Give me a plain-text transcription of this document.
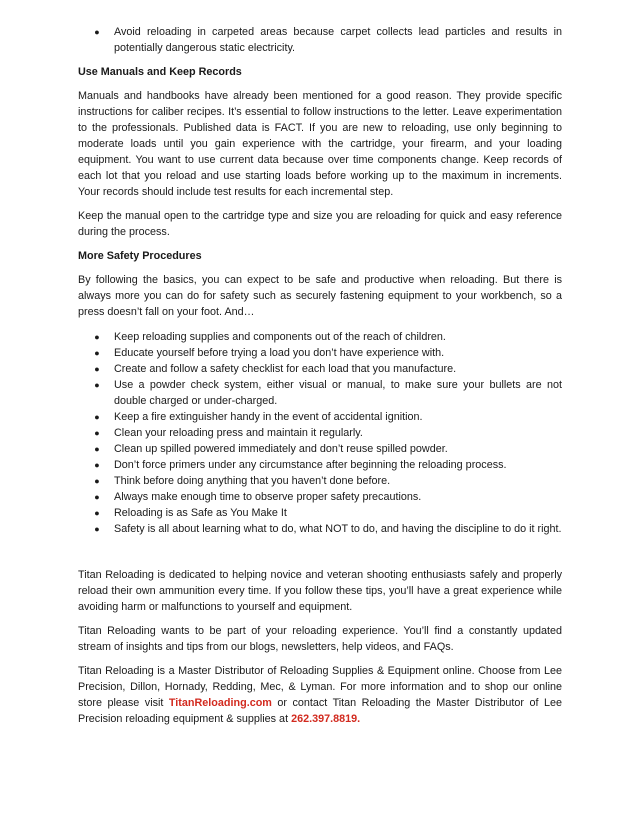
● Avoid reloading in carpeted areas because carpet collects lead particles and results in potentially dangerous static electricity.

Use Manuals and Keep Records

Manuals and handbooks have already been mentioned for a good reason. They provide specific instructions for caliber recipes. It’s essential to follow instructions to the letter. Leave experimentation to the professionals. Published data is FACT. If you are new to reloading, use only beginning to moderate loads until you gain experience with the cartridge, your firearm, and your loading equipment. You want to use current data because over time components change. Keep records of each lot that you reload and use starting loads before working up to the maximum in increments. Your records should include test results for each incremental step.

Keep the manual open to the cartridge type and size you are reloading for quick and easy reference during the process.

More Safety Procedures

By following the basics, you can expect to be safe and productive when reloading. But there is always more you can do for safety such as securely fastening equipment to your workbench, so a press doesn’t fall on your foot. And…

● Keep reloading supplies and components out of the reach of children.
● Educate yourself before trying a load you don’t have experience with.
● Create and follow a safety checklist for each load that you manufacture.
● Use a powder check system, either visual or manual, to make sure your bullets are not double charged or under-charged.
● Keep a fire extinguisher handy in the event of accidental ignition.
● Clean your reloading press and maintain it regularly.
● Clean up spilled powered immediately and don’t reuse spilled powder.
● Don’t force primers under any circumstance after beginning the reloading process.
● Think before doing anything that you haven’t done before.
● Always make enough time to observe proper safety precautions.
● Reloading is as Safe as You Make It
● Safety is all about learning what to do, what NOT to do, and having the discipline to do it right.

Titan Reloading is dedicated to helping novice and veteran shooting enthusiasts safely and properly reload their own ammunition every time. If you follow these tips, you’ll have a great experience while avoiding harm or malfunctions to yourself and equipment.

Titan Reloading wants to be part of your reloading experience. You’ll find a constantly updated stream of insights and tips from our blogs, newsletters, help videos, and FAQs.

Titan Reloading is a Master Distributor of Reloading Supplies & Equipment online. Choose from Lee Precision, Dillon, Hornady, Redding, Mec, & Lyman. For more information and to shop our online store please visit TitanReloading.com or contact Titan Reloading the Master Distributor of Lee Precision reloading equipment & supplies at 262.397.8819.
